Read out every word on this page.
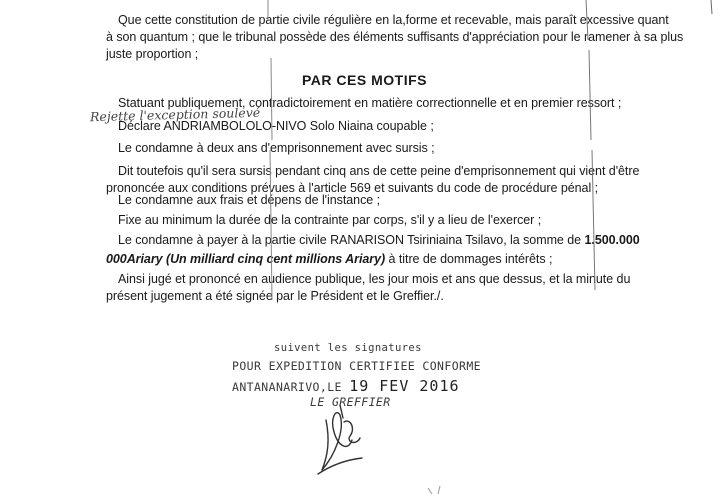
Que cette constitution de partie civile régulière en la,forme et recevable, mais paraît excessive quant
à son quantum ; que le tribunal possède des éléments suffisants d'appréciation pour le ramener à sa plus
juste proportion ;
PAR CES MOTIFS
Statuant publiquement, contradictoirement en matière correctionnelle et en premier ressort ;
Rejette l'exception soulevé
Déclare ANDRIAMBOLOLO-NIVO Solo Niaina coupable ;
Le condamne à deux ans d'emprisonnement avec sursis ;
Dit toutefois qu'il sera sursis pendant cinq ans de cette peine d'emprisonnement qui vient d'être
prononcée aux conditions prévues à l'article 569 et suivants du code de procédure pénal ;
Le condamne aux frais et dépens de l'instance ;
Fixe au minimum la durée de la contrainte par corps, s'il y a lieu de l'exercer ;
Le condamne à payer à la partie civile RANARISON Tsiriniaina Tsilavo, la somme de 1.500.000
000Ariary (Un milliard cinq cent millions Ariary) à titre de dommages intérêts ;
Ainsi jugé et prononcé en audience publique, les jour mois et ans que dessus, et la minute du
présent jugement a été signée par le Président et le Greffier./.
suivent les signatures
POUR EXPEDITION CERTIFIEE CONFORME
ANTANANARIVO,LE 19 FEV 2016
LE GREFFIER
